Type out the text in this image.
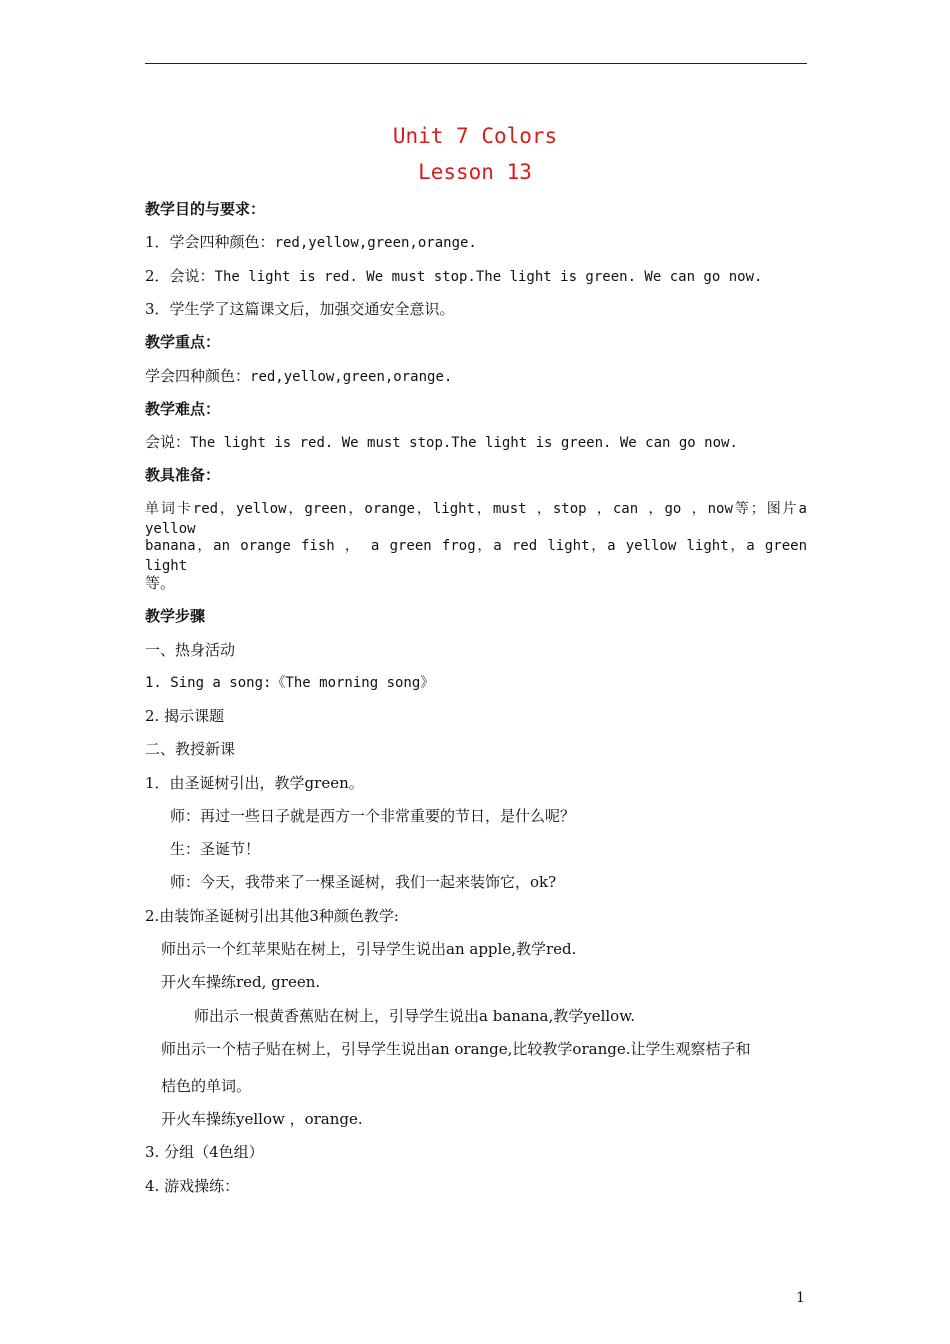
Unit 7 Colors
Lesson 13
教学目的与要求：
1．学会四种颜色：red,yellow,green,orange.
2．会说：The light is red. We must stop.The light is green. We can go now.
3．学生学了这篇课文后，加强交通安全意识。
教学重点：
学会四种颜色：red,yellow,green,orange.
教学难点：
会说：The light is red. We must stop.The light is green. We can go now.
教具准备：
单词卡red，yellow，green，orange，light，must ，stop ，can ，go ，now等；图片a yellow
banana，an orange fish ， a green frog，a red light，a yellow light，a green light
等。
教学步骤
一、热身活动
1. Sing a song:《The morning song》
2. 揭示课题
二、教授新课
1．由圣诞树引出，教学green。
师：再过一些日子就是西方一个非常重要的节日，是什么呢？
生：圣诞节！
师：今天，我带来了一棵圣诞树，我们一起来装饰它，ok?
2.由装饰圣诞树引出其他3种颜色教学:
师出示一个红苹果贴在树上，引导学生说出an apple,教学red.
开火车操练red, green.
师出示一根黄香蕉贴在树上，引导学生说出a banana,教学yellow.
师出示一个桔子贴在树上，引导学生说出an orange,比较教学orange.让学生观察桔子和
桔色的单词。
开火车操练yellow ，orange.
3. 分组（4色组）
4. 游戏操练：
1
